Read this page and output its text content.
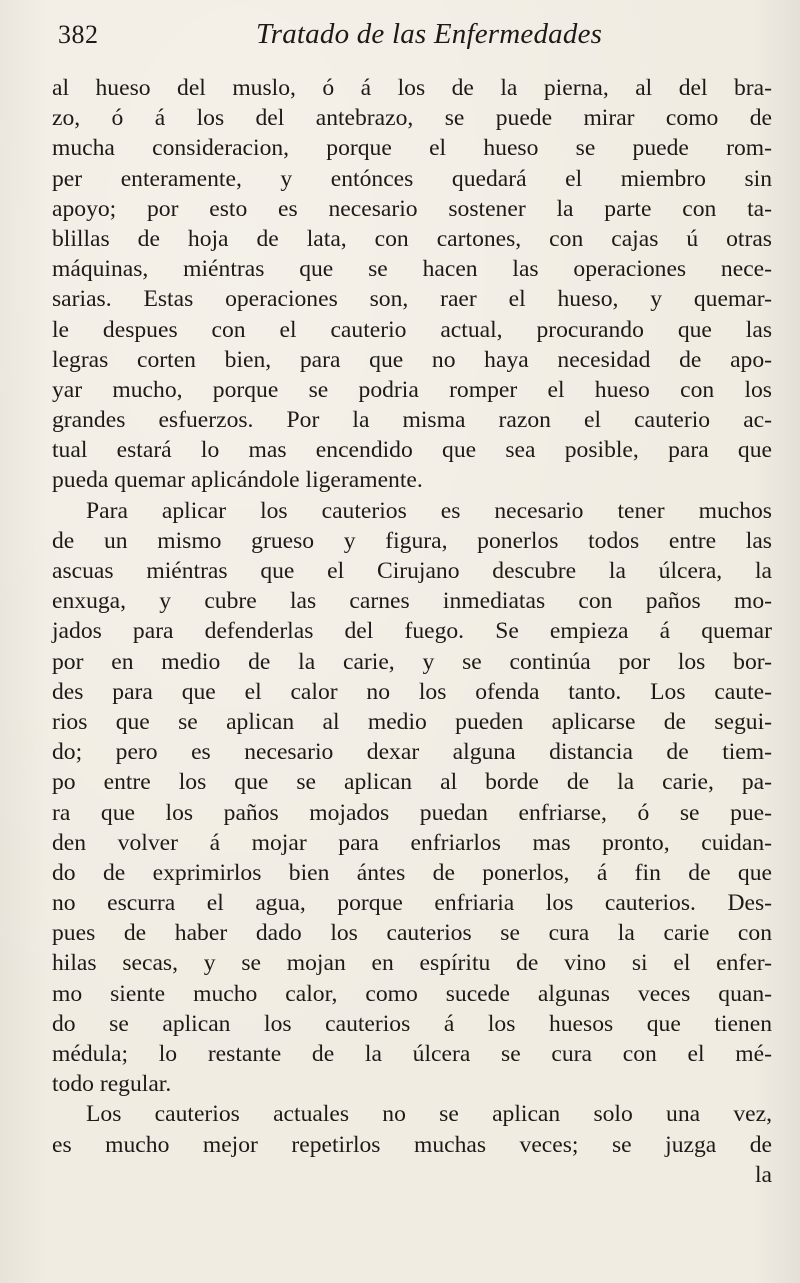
382	Tratado de las Enfermedades
al hueso del muslo, ó á los de la pierna, al del bra-
zo, ó á los del antebrazo, se puede mirar como de
mucha consideracion, porque el hueso se puede rom-
per enteramente, y entónces quedará el miembro sin
apoyo; por esto es necesario sostener la parte con ta-
blillas de hoja de lata, con cartones, con cajas ú otras
máquinas, miéntras que se hacen las operaciones nece-
sarias. Estas operaciones son, raer el hueso, y quemar-
le despues con el cauterio actual, procurando que las
legras corten bien, para que no haya necesidad de apo-
yar mucho, porque se podria romper el hueso con los
grandes esfuerzos. Por la misma razon el cauterio ac-
tual estará lo mas encendido que sea posible, para que
pueda quemar aplicándole ligeramente.
Para aplicar los cauterios es necesario tener muchos
de un mismo grueso y figura, ponerlos todos entre las
ascuas miéntras que el Cirujano descubre la úlcera, la
enxuga, y cubre las carnes inmediatas con paños mo-
jados para defenderlas del fuego. Se empieza á quemar
por en medio de la carie, y se continúa por los bor-
des para que el calor no los ofenda tanto. Los caute-
rios que se aplican al medio pueden aplicarse de segui-
do; pero es necesario dexar alguna distancia de tiem-
po entre los que se aplican al borde de la carie, pa-
ra que los paños mojados puedan enfriarse, ó se pue-
den volver á mojar para enfriarlos mas pronto, cuidan-
do de exprimirlos bien ántes de ponerlos, á fin de que
no escurra el agua, porque enfriaria los cauterios. Des-
pues de haber dado los cauterios se cura la carie con
hilas secas, y se mojan en espíritu de vino si el enfer-
mo siente mucho calor, como sucede algunas veces quan-
do se aplican los cauterios á los huesos que tienen
médula; lo restante de la úlcera se cura con el mé-
todo regular.
Los cauterios actuales no se aplican solo una vez,
es mucho mejor repetirlos muchas veces; se juzga de
la
